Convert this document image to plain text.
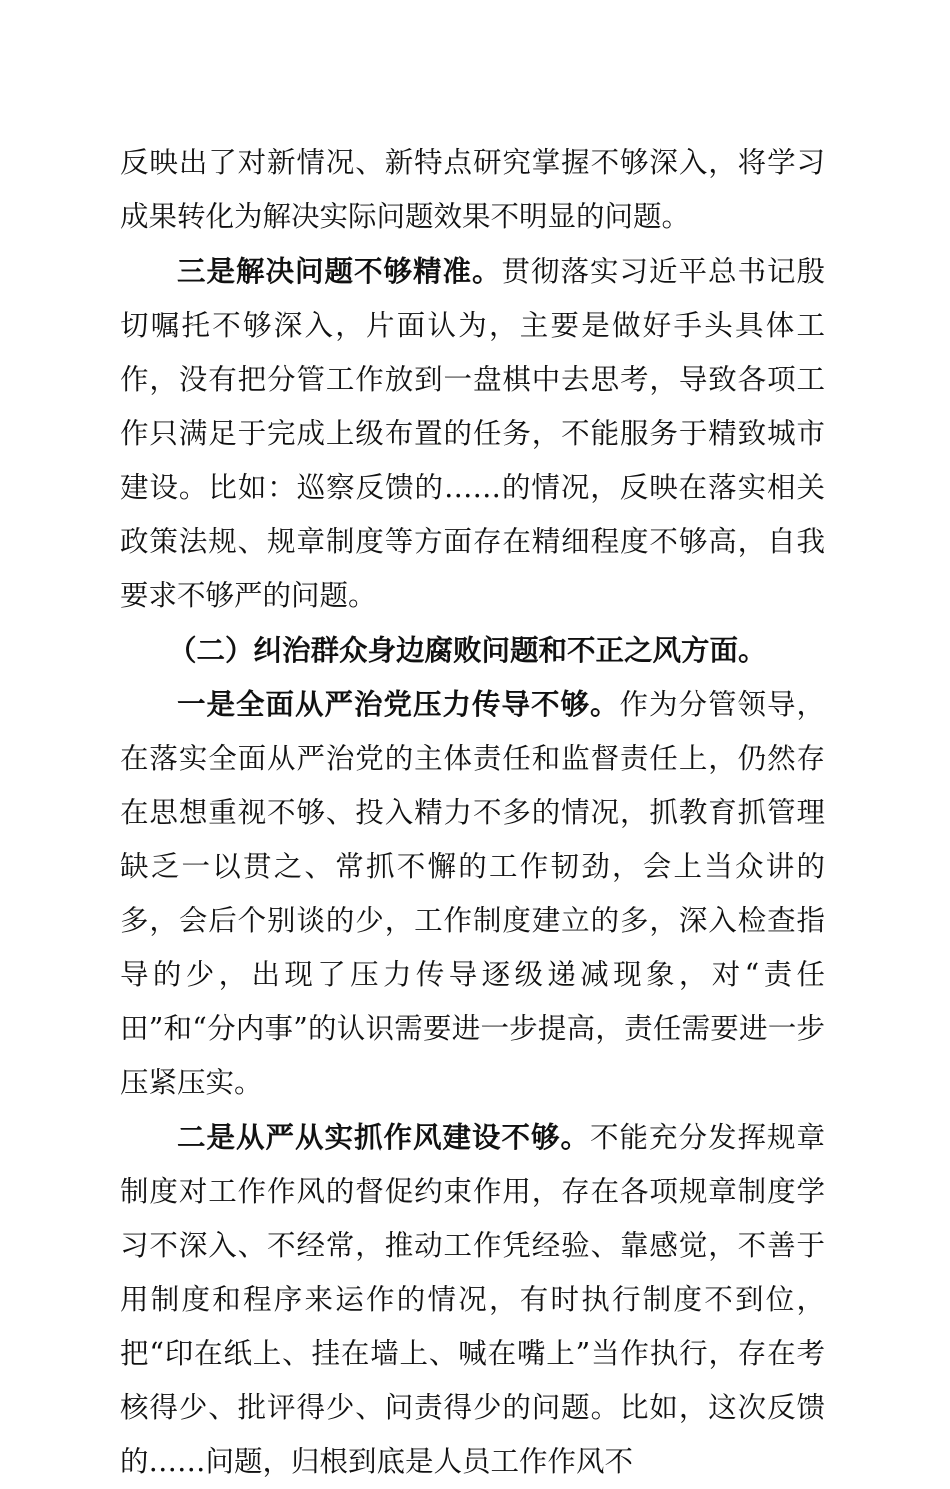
反映出了对新情况、新特点研究掌握不够深入，将学习成果转化为解决实际问题效果不明显的问题。

三是解决问题不够精准。贯彻落实习近平总书记殷切嘱托不够深入，片面认为，主要是做好手头具体工作，没有把分管工作放到一盘棋中去思考，导致各项工作只满足于完成上级布置的任务，不能服务于精致城市建设。比如：巡察反馈的……的情况，反映在落实相关政策法规、规章制度等方面存在精细程度不够高，自我要求不够严的问题。

（二）纠治群众身边腐败问题和不正之风方面。

一是全面从严治党压力传导不够。作为分管领导，在落实全面从严治党的主体责任和监督责任上，仍然存在思想重视不够、投入精力不多的情况，抓教育抓管理缺乏一以贯之、常抓不懈的工作韧劲，会上当众讲的多，会后个别谈的少，工作制度建立的多，深入检查指导的少，出现了压力传导逐级递减现象，对“责任田”和“分内事”的认识需要进一步提高，责任需要进一步压紧压实。

二是从严从实抓作风建设不够。不能充分发挥规章制度对工作作风的督促约束作用，存在各项规章制度学习不深入、不经常，推动工作凭经验、靠感觉，不善于用制度和程序来运作的情况，有时执行制度不到位，把“印在纸上、挂在墙上、喊在嘴上”当作执行，存在考核得少、批评得少、问责得少的问题。比如，这次反馈的……问题，归根到底是人员工作作风不
